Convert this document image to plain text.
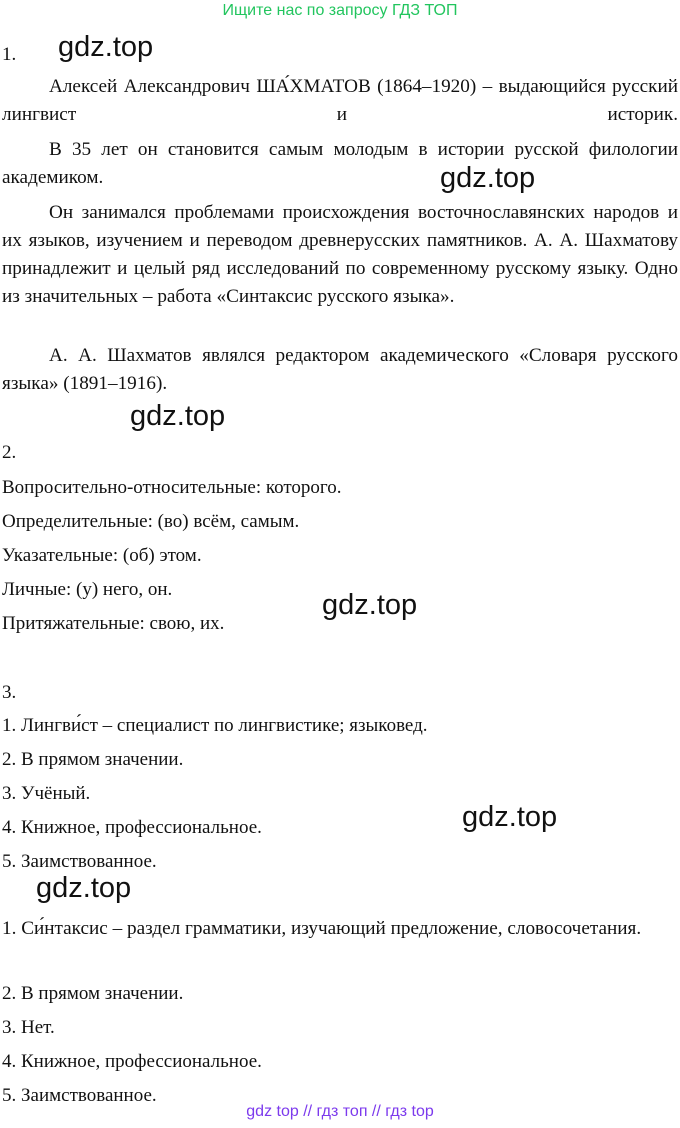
Ищите нас по запросу ГДЗ ТОП
1. gdz.top
Алексей Александрович ША́ХМАТОВ (1864–1920) – выдающийся русский лингвист и историк.
В 35 лет он становится самым молодым в истории русской филологии академиком.	gdz.top
Он занимался проблемами происхождения восточнославянских народов и их языков, изучением и переводом древнерусских памятников. А. А. Шахматову принадлежит и целый ряд исследований по современному русскому языку. Одно из значительных – работа «Синтаксис русского языка».
А. А. Шахматов являлся редактором академического «Словаря русского языка» (1891–1916).
gdz.top
2.
Вопросительно-относительные: которого.
Определительные: (во) всём, самым.
Указательные: (об) этом.
Личные: (у) него, он.	gdz.top
Притяжательные: свою, их.
3.
1. Лингви́ст – специалист по лингвистике; языковед.
2. В прямом значении.
3. Учёный.
gdz.top
4. Книжное, профессиональное.
5. Заимствованное.
gdz.top
1. Си́нтаксис – раздел грамматики, изучающий предложение, словосочетания.
2. В прямом значении.
3. Нет.
4. Книжное, профессиональное.
5. Заимствованное.
gdz top // гдз топ // гдз top
